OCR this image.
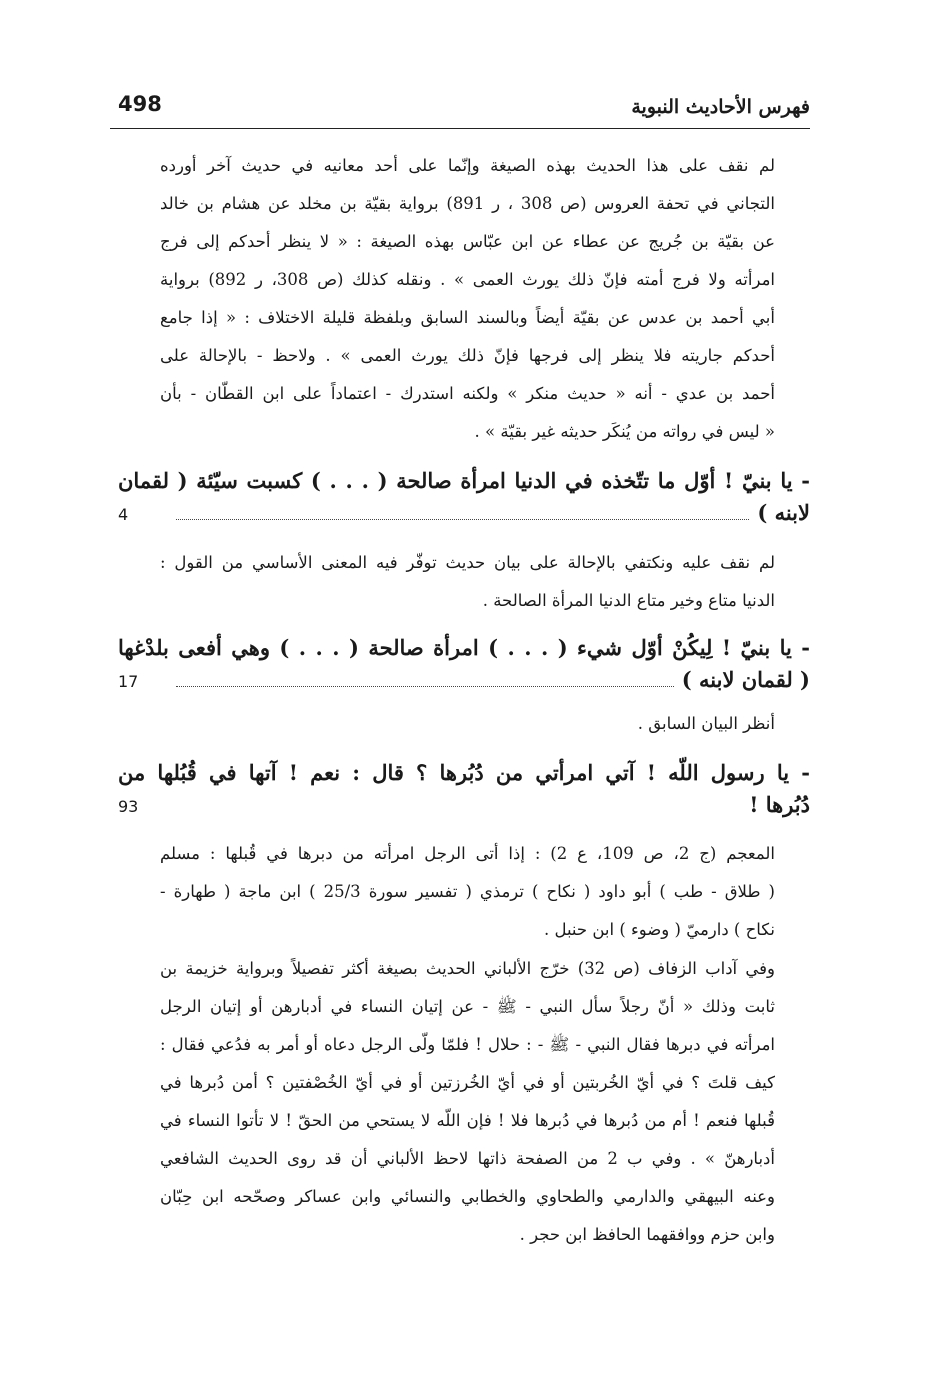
فهرس الأحاديث النبوية
498
لم نقف على هذا الحديث بهذه الصيغة وإنّما على أحد معانيه في حديث آخر أورده
التجاني في تحفة العروس (ص 308 ، ر 891) برواية بقيّة بن مخلد عن هشام بن خالد
عن بقيّة بن جُريج عن عطاء عن ابن عبّاس بهذه الصيغة : « لا ينظر أحدكم إلى فرج
امرأته ولا فرج أمته فإنّ ذلك يورث العمى » . ونقله كذلك (ص 308، ر 892) برواية
أبي أحمد بن عدس عن بقيّة أيضاً وبالسند السابق وبلفظة قليلة الاختلاف : « إذا جامع
أحدكم جاريته فلا ينظر إلى فرجها فإنّ ذلك يورث العمى » . ولاحظ - بالإحالة على
أحمد بن عدي - أنه « حديث منكر » ولكنه استدرك - اعتماداً على ابن القطّان - بأن
« ليس في رواته من يُنكَر حديثه غير بقيّة » .
- يا بنيّ ! أوّل ما تتّخذه في الدنيا امرأة صالحة ( . . . ) كسبت سيّئة ( لقمان
لابنه )
4
لم نقف عليه ونكتفي بالإحالة على بيان حديث توفّر فيه المعنى الأساسي من القول :
الدنيا متاع وخير متاع الدنيا المرأة الصالحة .
- يا بنيّ ! لِيكُنْ أوّل شيء ( . . . ) امرأة صالحة ( . . . ) وهي أفعى بلدْغها
( لقمان لابنه )
17
أنظر البيان السابق .
- يا رسول اللّه ! آتي امرأتي من دُبُرها ؟ قال : نعم ! آتها في قُبُلها من
دُبُرها !
93
المعجم (ج 2، ص 109، ع 2) : إذا أتى الرجل امرأته من دبرها في قُبلها : مسلم
( طلاق - طب ) أبو داود ( نكاح ) ترمذي ( تفسير سورة 25/3 ) ابن ماجة ( طهارة -
نكاح ) دارميّ ( وضوء ) ابن حنبل .
وفي آداب الزفاف (ص 32) خرّج الألباني الحديث بصيغة أكثر تفصيلاً وبرواية خزيمة بن
ثابت وذلك « أنّ رجلاً سأل النبي - ﷺ - عن إتيان النساء في أدبارهن أو إتيان الرجل
امرأته في دبرها فقال النبي - ﷺ - : حلال ! فلمّا ولّى الرجل دعاه أو أمر به فدُعي فقال :
كيف قلتَ ؟ في أيّ الخُربتين أو في أيّ الخُرزتين أو في أيّ الخُصْفتين ؟ أمن دُبرها في
قُبلها فنعم ! أم من دُبرها في دُبرها فلا ! فإن اللّه لا يستحي من الحقّ ! لا تأتوا النساء في
أدبارهنّ » . وفي ب 2 من الصفحة ذاتها لاحظ الألباني أن قد روى الحديث الشافعي
وعنه البيهقي والدارمي والطحاوي والخطابي والنسائي وابن عساكر وصحّحه ابن حِبّان
وابن حزم ووافقهما الحافظ ابن حجر .
